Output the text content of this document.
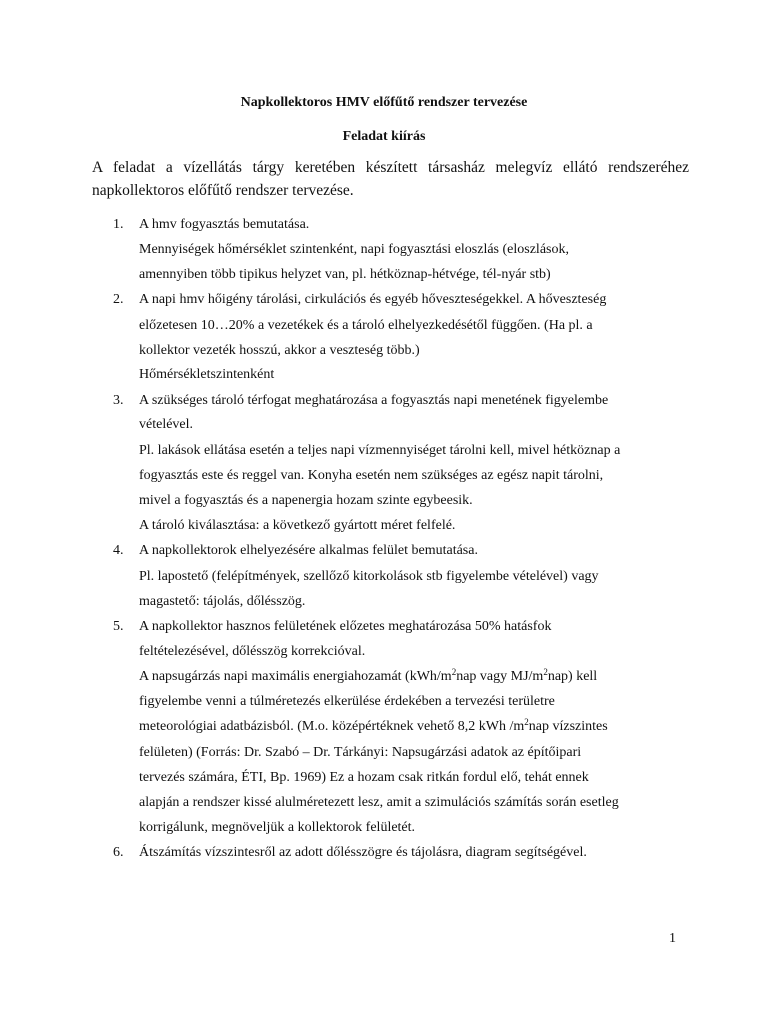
Napkollektoros HMV előfűtő rendszer tervezése
Feladat kiírás
A feladat a vízellátás tárgy keretében készített társasház melegvíz ellátó rendszeréhez
napkollektoros előfűtő rendszer tervezése.
1. A hmv fogyasztás bemutatása.
Mennyiségek hőmérséklet szintenként, napi fogyasztási eloszlás (eloszlások,
amennyiben több tipikus helyzet van, pl. hétköznap-hétvége, tél-nyár stb)
2. A napi hmv hőigény tárolási, cirkulációs és egyéb hőveszteségekkel. A hőveszteség
előzetesen 10…20% a vezetékek és a tároló elhelyezkedésétől függően. (Ha pl. a
kollektor vezeték hosszú, akkor a veszteség több.)
Hőmérsékletszintenként
3. A szükséges tároló térfogat meghatározása a fogyasztás napi menetének figyelembe
vételével.
Pl. lakások ellátása esetén a teljes napi vízmennyiséget tárolni kell, mivel hétköznap a
fogyasztás este és reggel van. Konyha esetén nem szükséges az egész napit tárolni,
mivel a fogyasztás és a napenergia hozam szinte egybeesik.
A tároló kiválasztása: a következő gyártott méret felfelé.
4. A napkollektorok elhelyezésére alkalmas felület bemutatása.
Pl. lapostető (felépítmények, szellőző kitorkolások stb figyelembe vételével) vagy
magastető: tájolás, dőlésszög.
5. A napkollektor hasznos felületének előzetes meghatározása 50% hatásfok
feltételezésével, dőlésszög korrekcióval.
A napsugárzás napi maximális energiahozamát ($kWh/m^2nap$ vagy $MJ/m^2nap$) kell
figyelembe venni a túlméretezés elkerülése érdekében a tervezési területre
meteorológiai adatbázisból. (M.o. középértéknek vehető 8,2 kWh $/m^2nap$ vízszintes
felületen) (Forrás: Dr. Szabó – Dr. Tárkányi: Napsugárzási adatok az építőipari
tervezés számára, ÉTI, Bp. 1969) Ez a hozam csak ritkán fordul elő, tehát ennek
alapján a rendszer kissé alulméretezett lesz, amit a szimulációs számítás során esetleg
korrigálunk, megnöveljük a kollektorok felületét.
6. Átszámítás vízszintesről az adott dőlésszögre és tájolásra, diagram segítségével.
1
